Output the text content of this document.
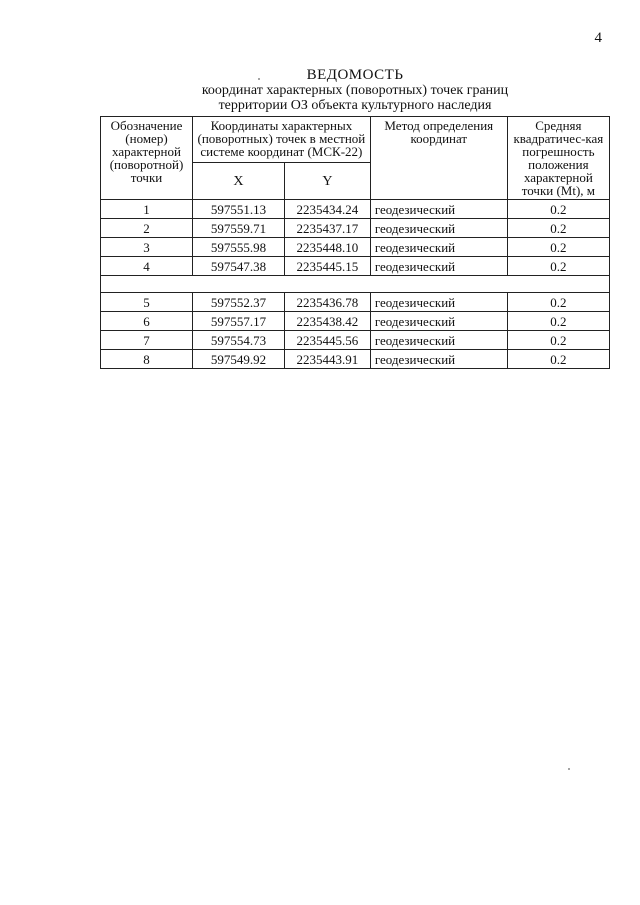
4
ВЕДОМОСТЬ
координат характерных (поворотных) точек границ
территории ОЗ объекта культурного наследия
Обозначение (номер) характерной (поворотной) точки	Координаты характерных (поворотных) точек в местной системе координат (МСК-22)		Метод определения координат	Средняя квадратичес-кая погрешность положения характерной точки (Mt), м
	X	Y		
1	597551.13	2235434.24	геодезический	0.2
2	597559.71	2235437.17	геодезический	0.2
3	597555.98	2235448.10	геодезический	0.2
4	597547.38	2235445.15	геодезический	0.2

5	597552.37	2235436.78	геодезический	0.2
6	597557.17	2235438.42	геодезический	0.2
7	597554.73	2235445.56	геодезический	0.2
8	597549.92	2235443.91	геодезический	0.2
